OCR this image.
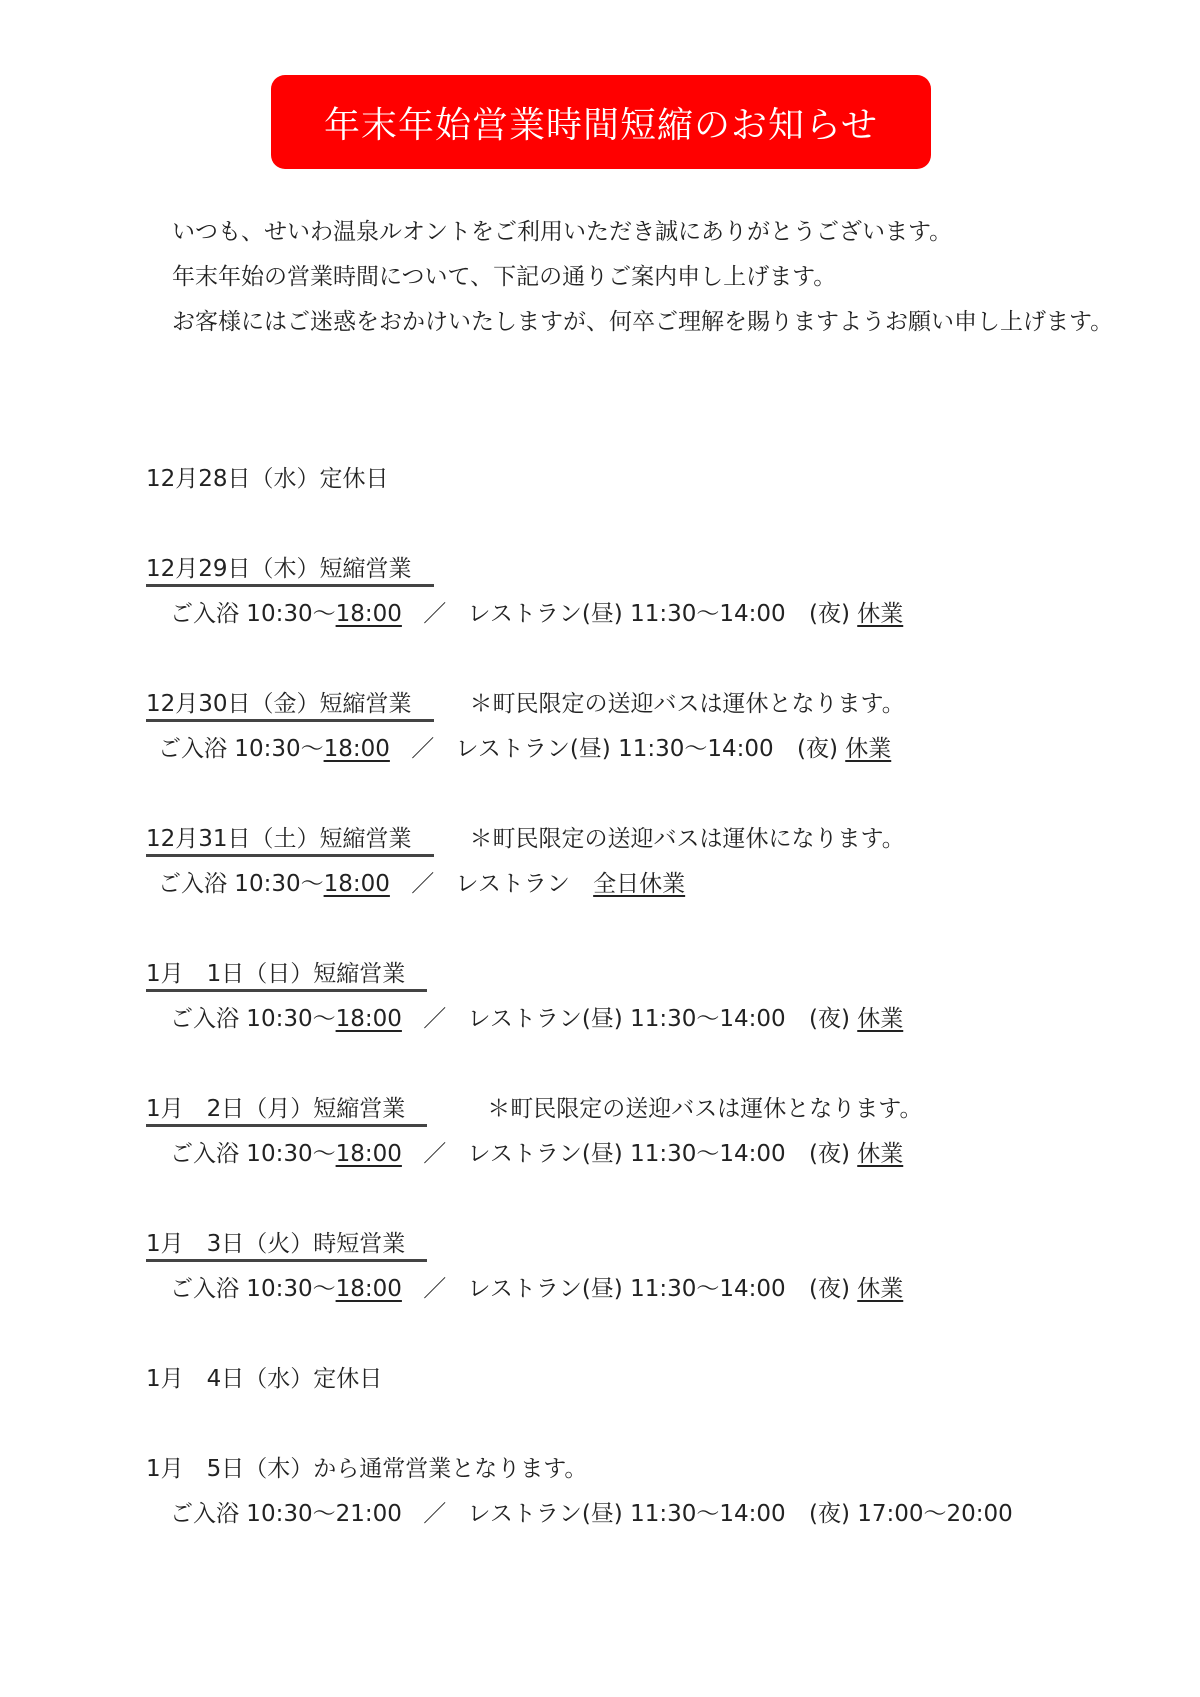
年末年始営業時間短縮のお知らせ

いつも、せいわ温泉ルオントをご利用いただき誠にありがとうございます。

年末年始の営業時間について、下記の通りご案内申し上げます。

お客様にはご迷惑をおかけいたしますが、何卒ご理解を賜りますようお願い申し上げます。

12月28日（水）定休日
12月29日（木）短縮営業
ご入浴 10:30～18:00 ／ レストラン(昼) 11:30～14:00 (夜) 休業
12月30日（金）短縮営業	＊町民限定の送迎バスは運休となります。
ご入浴 10:30～18:00 ／ レストラン(昼) 11:30～14:00 (夜) 休業
12月31日（土）短縮営業	＊町民限定の送迎バスは運休になります。
ご入浴 10:30～18:00 ／ レストラン 全日休業
1月　1日（日）短縮営業
ご入浴 10:30～18:00 ／ レストラン(昼) 11:30～14:00 (夜) 休業
1月　2日（月）短縮営業	＊町民限定の送迎バスは運休となります。
ご入浴 10:30～18:00 ／ レストラン(昼) 11:30～14:00 (夜) 休業
1月　3日（火）時短営業
ご入浴 10:30～18:00 ／ レストラン(昼) 11:30～14:00 (夜) 休業
1月　4日（水）定休日
1月　5日（木）から通常営業となります。
ご入浴 10:30～21:00 ／ レストラン(昼) 11:30～14:00 (夜) 17:00～20:00
